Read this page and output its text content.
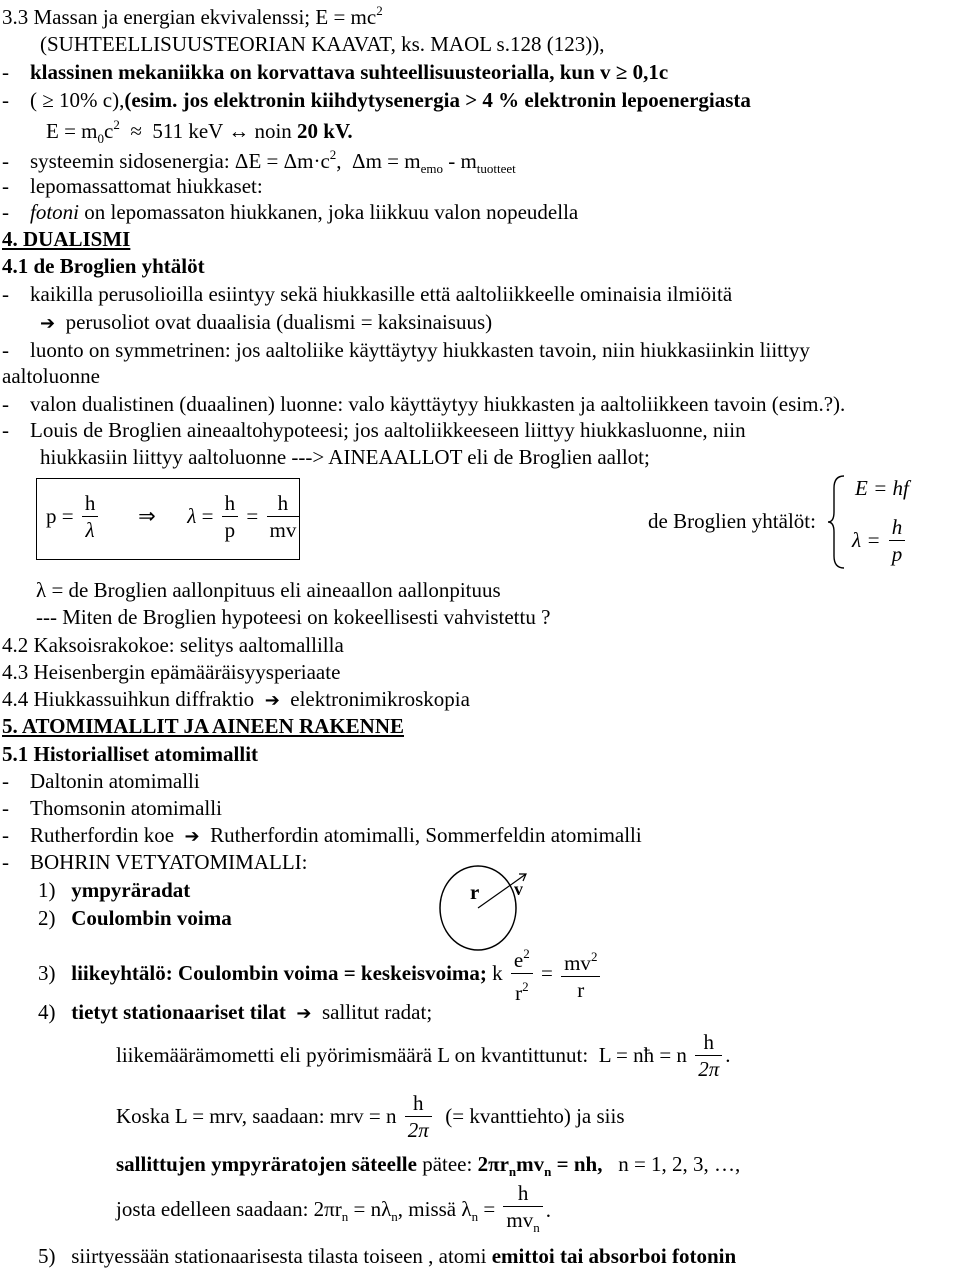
3.3 Massan ja energian ekvivalenssi; $E = mc^2$
(SUHTEELLISUUSTEORIAN KAAVAT, ks. MAOL s.128 (123)),
- klassinen mekaniikka on korvattava suhteellisuusteorialla, kun v ≥ 0,1c
- ( ≥ 10% c),(esim. jos elektronin kiihdytysenergia > 4 % elektronin lepoenergiasta
$E = m_0c^2 \approx 511$ keV ↔ noin 20 kV.
- systeemin sidosenergia: $\Delta E = \Delta m\cdot c^2$, $\Delta m = m_{emo} - m_{tuotteet}$
- lepomassattomat hiukkaset:
- fotoni on lepomassaton hiukkanen, joka liikkuu valon nopeudella
4. DUALISMI
4.1 de Broglien yhtälöt
- kaikilla perusolioilla esiintyy sekä hiukkasille että aaltoliikkeelle ominaisia ilmiöitä
➔ perusoliot ovat duaalisia (dualismi = kaksinaisuus)
- luonto on symmetrinen: jos aaltoliike käyttäytyy hiukkasten tavoin, niin hiukkasiinkin liittyy
aaltoluonne
- valon dualistinen (duaalinen) luonne: valo käyttäytyy hiukkasten ja aaltoliikkeen tavoin (esim.?).
- Louis de Broglien aineaaltohypoteesi; jos aaltoliikkeeseen liittyy hiukkasluonne, niin
hiukkasiin liittyy aaltoluonne ---> AINEAALLOT eli de Broglien aallot;
$p = \frac{h}{\lambda}$ ⇒ $\lambda = \frac{h}{p} = \frac{h}{mv}$	de Broglien yhtälöt:
E = hf
$\lambda = \frac{h}{p}$
λ = de Broglien aallonpituus eli aineaallon aallonpituus
--- Miten de Broglien hypoteesi on kokeellisesti vahvistettu ?
4.2 Kaksoisrakokoe: selitys aaltomallilla
4.3 Heisenbergin epämääräisyysperiaate
4.4 Hiukkassuihkun diffraktio ➔ elektronimikroskopia
5. ATOMIMALLIT JA AINEEN RAKENNE
5.1 Historialliset atomimallit
- Daltonin atomimalli
- Thomsonin atomimalli
- Rutherfordin koe ➔ Rutherfordin atomimalli, Sommerfeldin atomimalli
- BOHRIN VETYATOMIMALLI:
1) ympyräradat	r v
2) Coulombin voima
3) liikeyhtälö: Coulombin voima = keskeisvoima; k $\frac{e^2}{r^2} = \frac{mv^2}{r}$
4) tietyt stationaariset tilat ➔ sallitut radat;
liikemäärämometti eli pyörimismäärä L on kvantittunut: L = nħ = n $\frac{h}{2\pi}$ .
Koska L = mrv, saadaan: mrv = n $\frac{h}{2\pi}$ (= kvanttiehto) ja siis
sallittujen ympyräratojen säteelle pätee: $2\pi r_nmv_n$ = nh, n = 1, 2, 3, …,
josta edelleen saadaan: $2\pi r_n = n\lambda_n$, missä $\lambda_n = \frac{h}{mv_n}$ .
5) siirtyessään stationaarisesta tilasta toiseen , atomi emittoi tai absorboi fotonin
